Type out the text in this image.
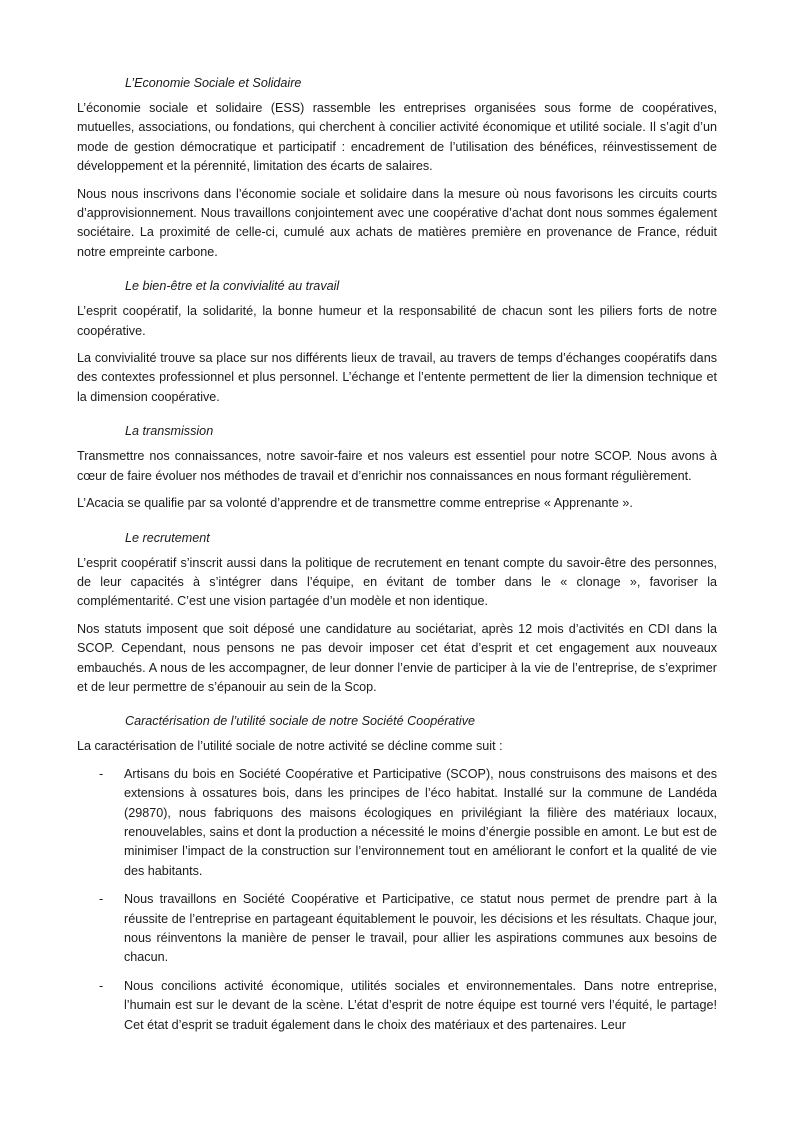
L’Economie Sociale et Solidaire

L’économie sociale et solidaire (ESS) rassemble les entreprises organisées sous forme de coopératives, mutuelles, associations, ou fondations, qui cherchent à concilier activité économique et utilité sociale. Il s’agit d’un mode de gestion démocratique et participatif : encadrement de l’utilisation des bénéfices, réinvestissement de développement et la pérennité, limitation des écarts de salaires.

Nous nous inscrivons dans l’économie sociale et solidaire dans la mesure où nous favorisons les circuits courts d’approvisionnement. Nous travaillons conjointement avec une coopérative d’achat dont nous sommes également sociétaire. La proximité de celle-ci, cumulé aux achats de matières première en provenance de France, réduit notre empreinte carbone.

Le bien-être et la convivialité au travail

L’esprit coopératif, la solidarité, la bonne humeur et la responsabilité de chacun sont les piliers forts de notre coopérative.

La convivialité trouve sa place sur nos différents lieux de travail, au travers de temps d’échanges coopératifs dans des contextes professionnel et plus personnel. L’échange et l’entente permettent de lier la dimension technique et la dimension coopérative.

La transmission

Transmettre nos connaissances, notre savoir-faire et nos valeurs est essentiel pour notre SCOP. Nous avons à cœur de faire évoluer nos méthodes de travail et d’enrichir nos connaissances en nous formant régulièrement.

L’Acacia se qualifie par sa volonté d’apprendre et de transmettre comme entreprise « Apprenante ».

Le recrutement

L’esprit coopératif s’inscrit aussi dans la politique de recrutement en tenant compte du savoir-être des personnes, de leur capacités à s’intégrer dans l’équipe, en évitant de tomber dans le « clonage », favoriser la complémentarité. C’est une vision partagée d’un modèle et non identique.

Nos statuts imposent que soit déposé une candidature au sociétariat, après 12 mois d’activités en CDI dans la SCOP. Cependant, nous pensons ne pas devoir imposer cet état d’esprit et cet engagement aux nouveaux embauchés. A nous de les accompagner, de leur donner l’envie de participer à la vie de l’entreprise, de s’exprimer et de leur permettre de s’épanouir au sein de la Scop.

Caractérisation de l’utilité sociale de notre Société Coopérative

La caractérisation de l’utilité sociale de notre activité se décline comme suit :

- Artisans du bois en Société Coopérative et Participative (SCOP), nous construisons des maisons et des extensions à ossatures bois, dans les principes de l’éco habitat. Installé sur la commune de Landéda (29870), nous fabriquons des maisons écologiques en privilégiant la filière des matériaux locaux, renouvelables, sains et dont la production a nécessité le moins d’énergie possible en amont. Le but est de minimiser l’impact de la construction sur l’environnement tout en améliorant le confort et la qualité de vie des habitants.
- Nous travaillons en Société Coopérative et Participative, ce statut nous permet de prendre part à la réussite de l’entreprise en partageant équitablement le pouvoir, les décisions et les résultats. Chaque jour, nous réinventons la manière de penser le travail, pour allier les aspirations communes aux besoins de chacun.
- Nous concilions activité économique, utilités sociales et environnementales. Dans notre entreprise, l’humain est sur le devant de la scène. L’état d’esprit de notre équipe est tourné vers l’équité, le partage! Cet état d’esprit se traduit également dans le choix des matériaux et des partenaires. Leur
